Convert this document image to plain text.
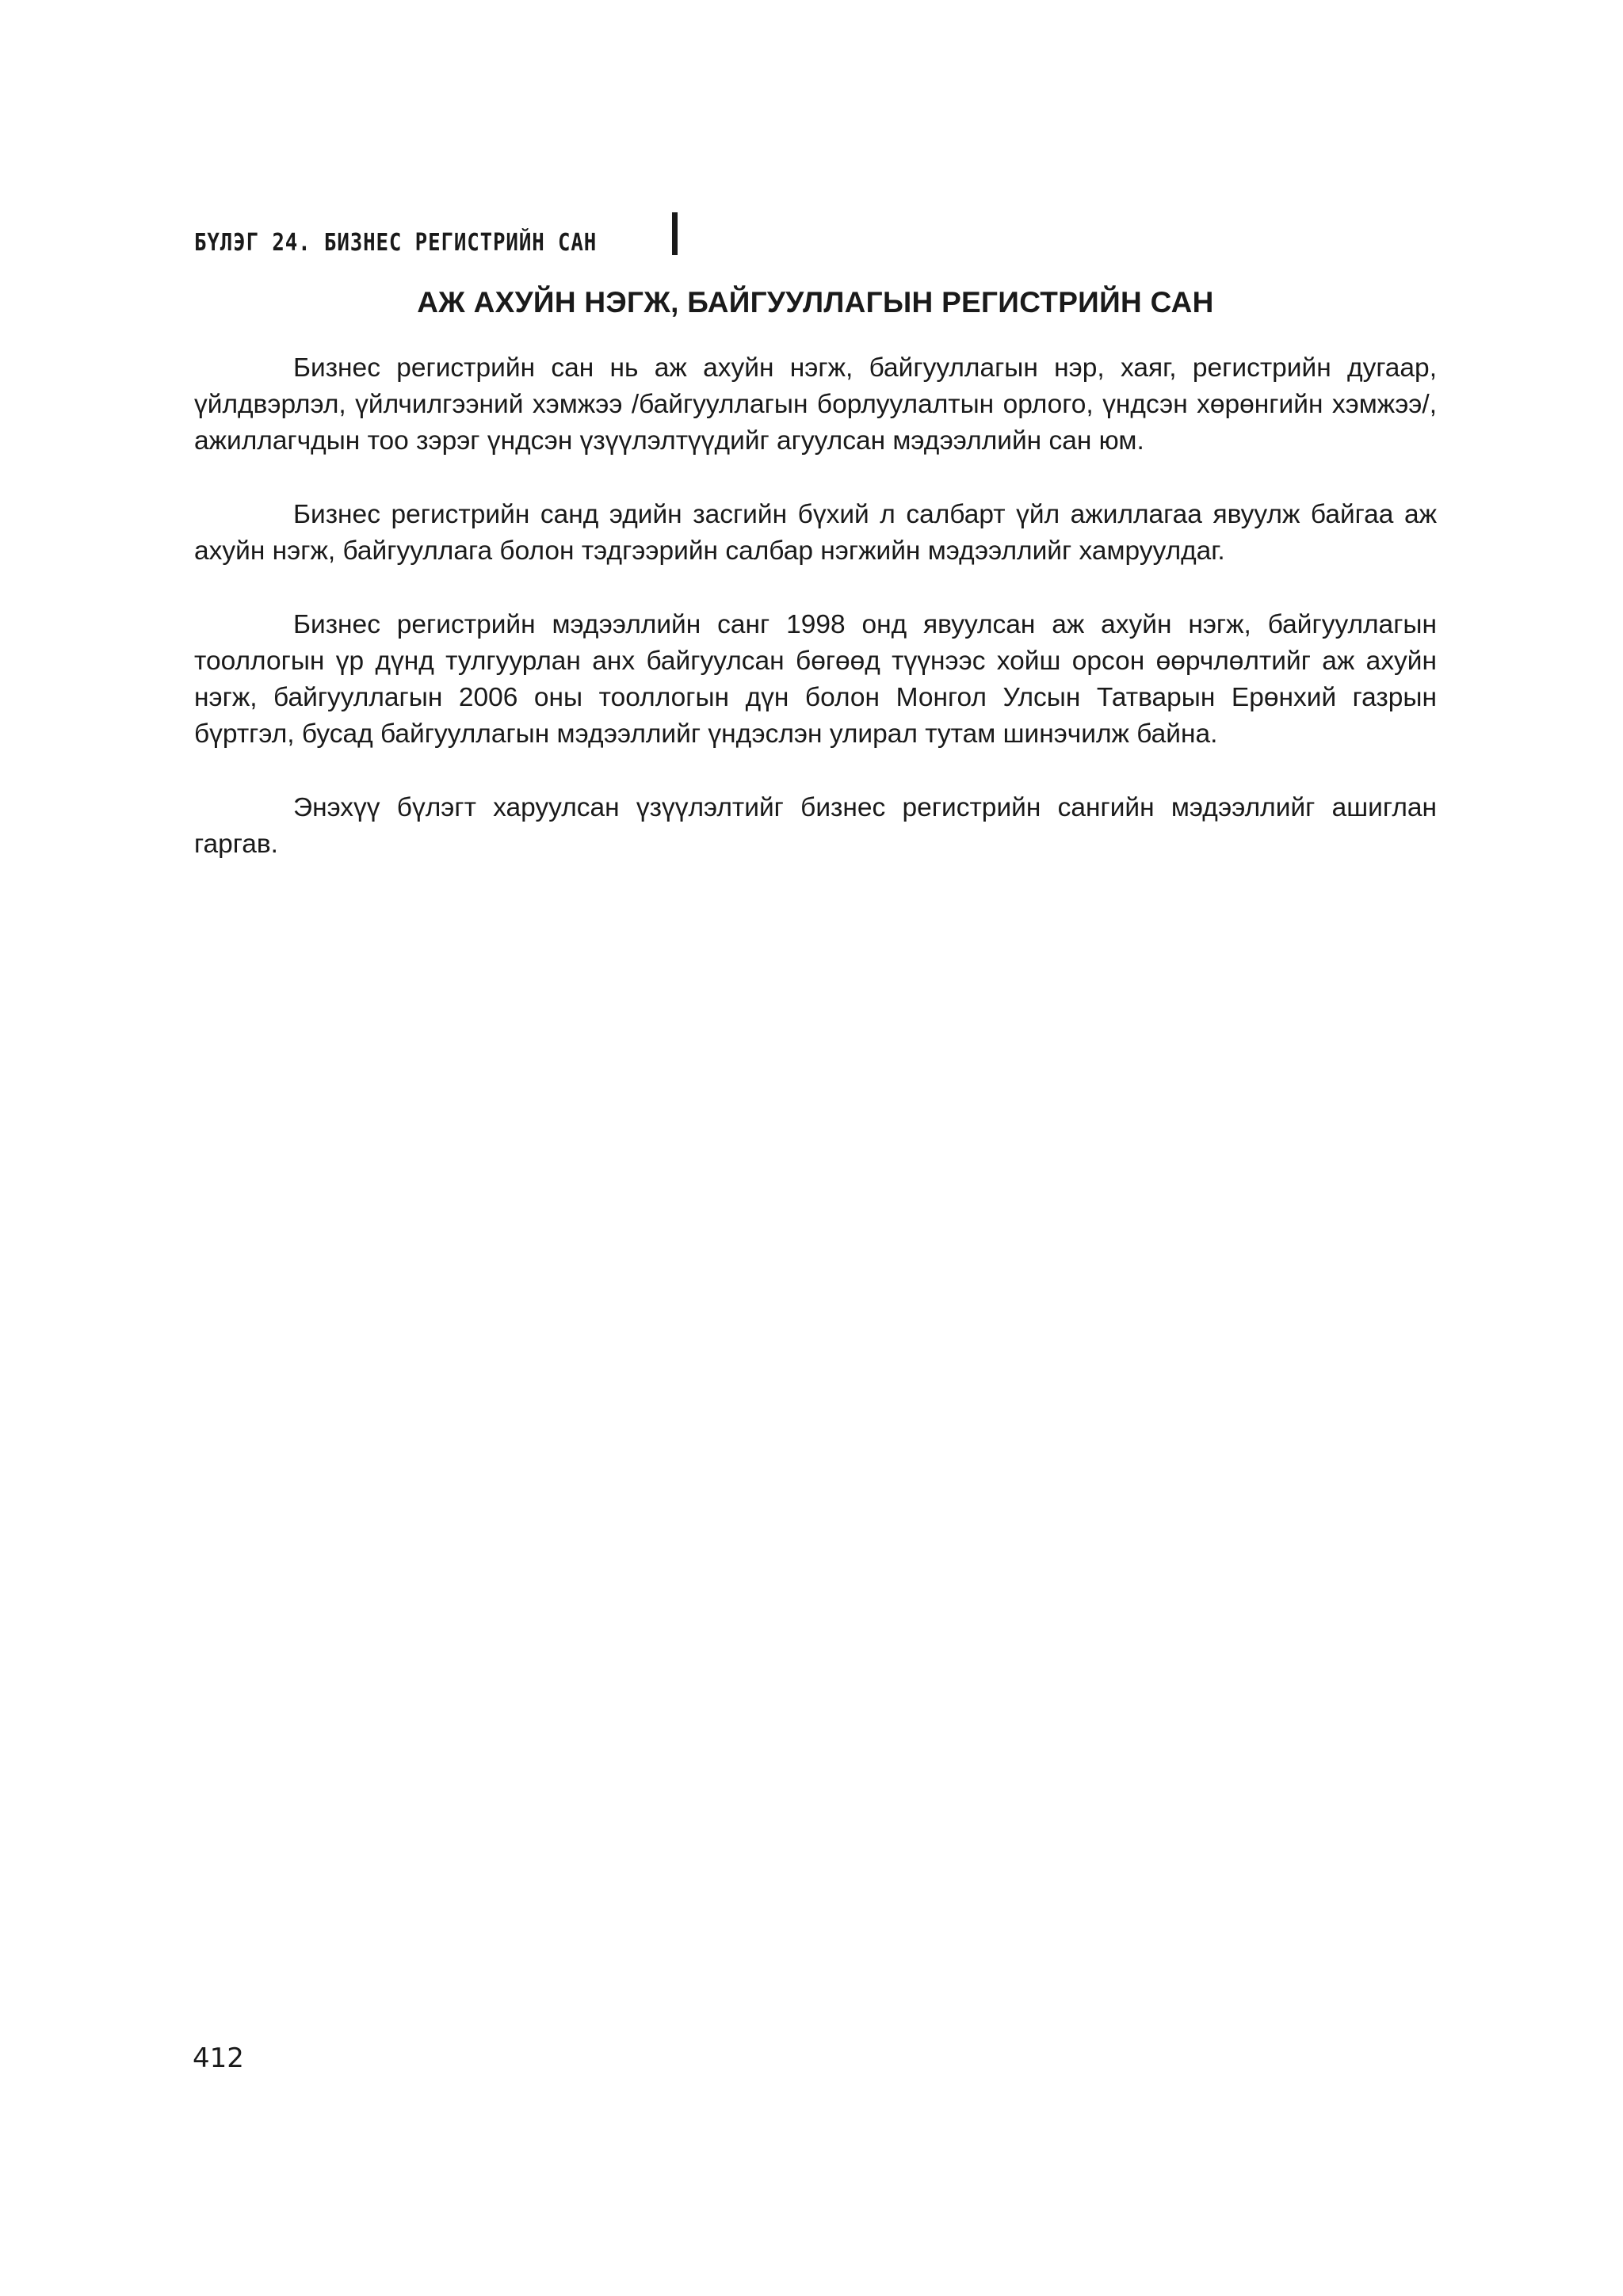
БҮЛЭГ 24. БИЗНЕС РЕГИСТРИЙН САН
АЖ АХУЙН НЭГЖ, БАЙГУУЛЛАГЫН РЕГИСТРИЙН САН

Бизнес регистрийн сан нь аж ахуйн нэгж, байгууллагын нэр, хаяг, регистрийн дугаар, үйлдвэрлэл, үйлчилгээний хэмжээ /байгууллагын борлуулалтын орлого, үндсэн хөрөнгийн хэмжээ/, ажиллагчдын тоо зэрэг үндсэн үзүүлэлтүүдийг агуулсан мэдээллийн сан юм.

Бизнес регистрийн санд эдийн засгийн бүхий л салбарт үйл ажиллагаа явуулж байгаа аж ахуйн нэгж, байгууллага болон тэдгээрийн салбар нэгжийн мэдээллийг хамруулдаг.

Бизнес регистрийн мэдээллийн санг 1998 онд явуулсан аж ахуйн нэгж, байгууллагын тооллогын үр дүнд тулгуурлан анх байгуулсан бөгөөд түүнээс хойш орсон өөрчлөлтийг аж ахуйн нэгж, байгууллагын 2006 оны тооллогын дүн болон Монгол Улсын Татварын Ерөнхий газрын бүртгэл, бусад байгууллагын мэдээллийг үндэслэн улирал тутам шинэчилж байна.

Энэхүү бүлэгт харуулсан үзүүлэлтийг бизнес регистрийн сангийн мэдээллийг ашиглан гаргав.

412
